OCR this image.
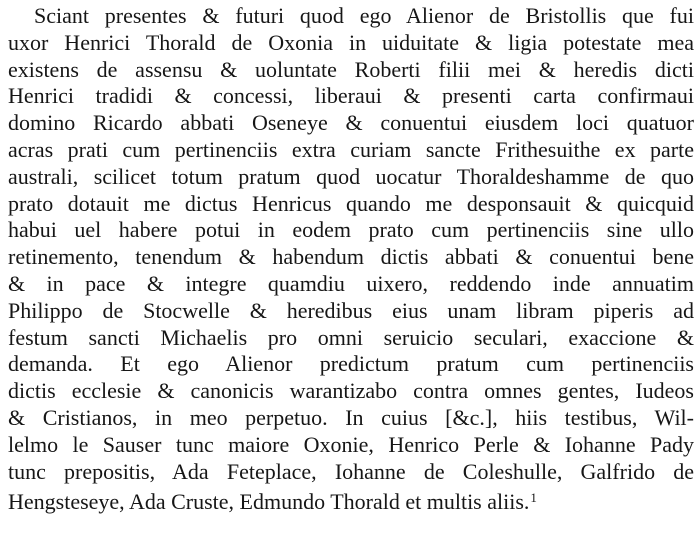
Sciant presentes & futuri quod ego Alienor de Bristollis que fui
uxor Henrici Thorald de Oxonia in uiduitate & ligia potestate mea
existens de assensu & uoluntate Roberti filii mei & heredis dicti
Henrici tradidi & concessi, liberaui & presenti carta confirmaui
domino Ricardo abbati Oseneye & conuentui eiusdem loci quatuor
acras prati cum pertinenciis extra curiam sancte Frithesuithe ex parte
australi, scilicet totum pratum quod uocatur Thoraldeshamme de quo
prato dotauit me dictus Henricus quando me desponsauit & quicquid
habui uel habere potui in eodem prato cum pertinenciis sine ullo
retinemento, tenendum & habendum dictis abbati & conuentui bene
& in pace & integre quamdiu uixero, reddendo inde annuatim
Philippo de Stocwelle & heredibus eius unam libram piperis ad
festum sancti Michaelis pro omni seruicio seculari, exaccione &
demanda. Et ego Alienor predictum pratum cum pertinenciis
dictis ecclesie & canonicis warantizabo contra omnes gentes, Iudeos
& Cristianos, in meo perpetuo. In cuius [&c.], hiis testibus, Wil-
lelmo le Sauser tunc maiore Oxonie, Henrico Perle & Iohanne Pady
tunc prepositis, Ada Feteplace, Iohanne de Coleshulle, Galfrido de
Hengsteseye, Ada Cruste, Edmundo Thorald et multis aliis.$^1$
